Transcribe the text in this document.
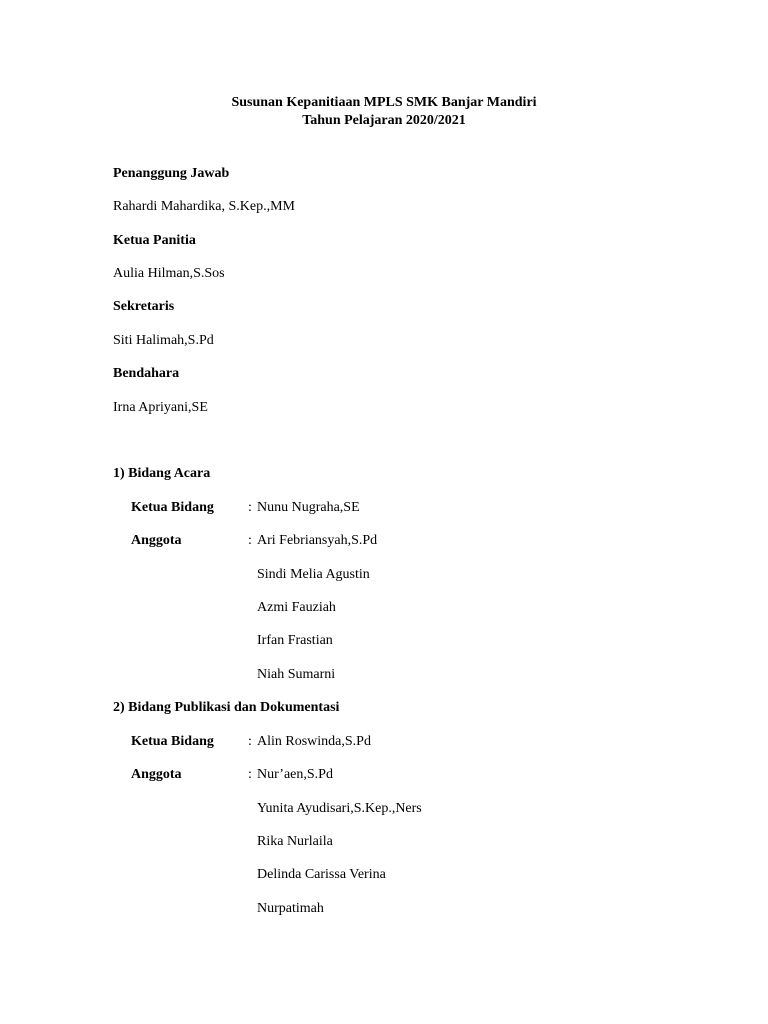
Susunan Kepanitiaan MPLS SMK Banjar Mandiri
Tahun Pelajaran 2020/2021
Penanggung Jawab
Rahardi Mahardika, S.Kep.,MM
Ketua Panitia
Aulia Hilman,S.Sos
Sekretaris
Siti Halimah,S.Pd
Bendahara
Irna Apriyani,SE
1) Bidang Acara
Ketua Bidang : Nunu Nugraha,SE
Anggota	: Ari Febriansyah,S.Pd
Sindi Melia Agustin
Azmi Fauziah
Irfan Frastian
Niah Sumarni
2) Bidang Publikasi dan Dokumentasi
Ketua Bidang : Alin Roswinda,S.Pd
Anggota	: Nur’aen,S.Pd
Yunita Ayudisari,S.Kep.,Ners
Rika Nurlaila
Delinda Carissa Verina
Nurpatimah
